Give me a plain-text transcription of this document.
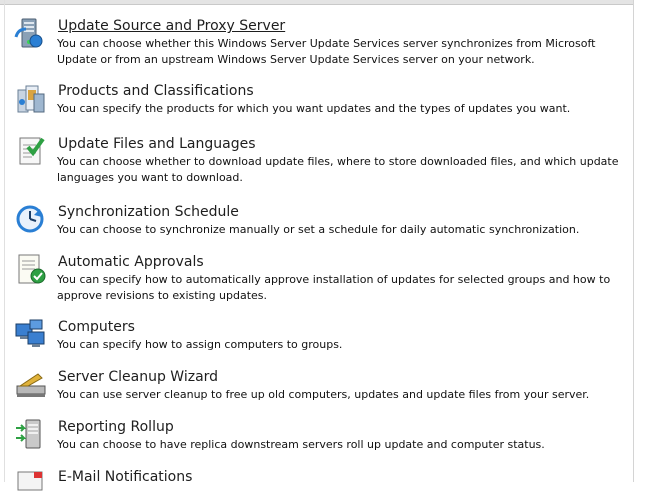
Update Source and Proxy Server
You can choose whether this Windows Server Update Services server synchronizes from Microsoft Update or from an upstream Windows Server Update Services server on your network.
Products and Classifications
You can specify the products for which you want updates and the types of updates you want.
Update Files and Languages
You can choose whether to download update files, where to store downloaded files, and which update languages you want to download.
Synchronization Schedule
You can choose to synchronize manually or set a schedule for daily automatic synchronization.
Automatic Approvals
You can specify how to automatically approve installation of updates for selected groups and how to approve revisions to existing updates.
Computers
You can specify how to assign computers to groups.
Server Cleanup Wizard
You can use server cleanup to free up old computers, updates and update files from your server.
Reporting Rollup
You can choose to have replica downstream servers roll up update and computer status.
E-Mail Notifications
